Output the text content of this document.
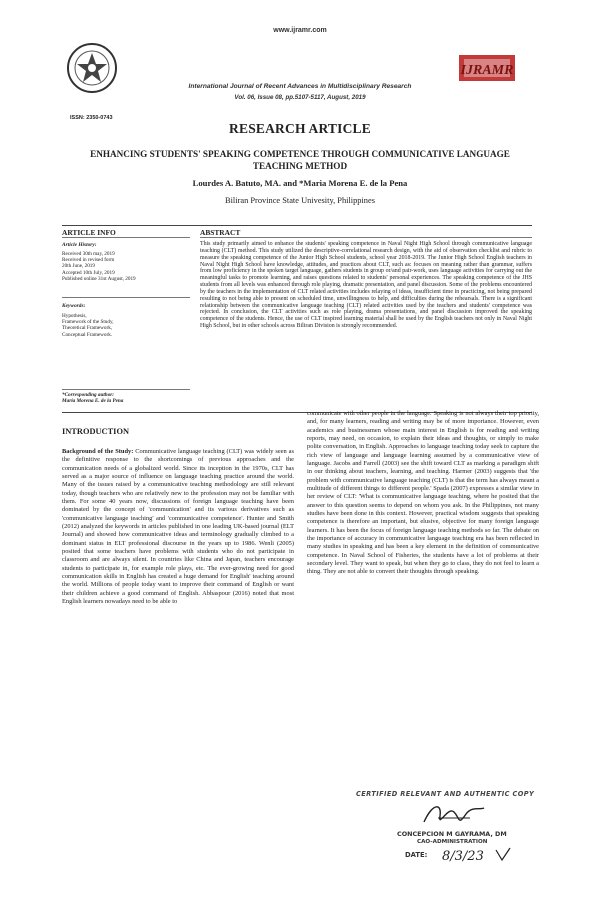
www.ijramr.com
ISSN: 2350-0743
IJRAMR
International Journal of Recent Advances in Multidisciplinary Research
Vol. 06, Issue 08, pp.5107-5117, August, 2019
RESEARCH ARTICLE
ENHANCING STUDENTS' SPEAKING COMPETENCE THROUGH COMMUNICATIVE LANGUAGE
TEACHING METHOD
Lourdes A. Batuto, MA. and *Maria Morena E. de la Pena
Biliran Province State Univesity, Philippines
ARTICLE INFO	ABSTRACT
Article History:
Received 30th may, 2019
Received in revised form
20th June, 2019
Accepted 10th July, 2019
Published online 31st August, 2019
Keywords:
Hypothesis,
Framework of the Study,
Theoretical Framework,
Conceptual Framework.
*Corresponding author:
Maria Morena E. de la Pena
This study primarily aimed to enhance the students' speaking competence in Naval Night High School through communicative language teaching (CLT) method. This study utilized the descriptive-correlational research design, with the aid of observation checklist and rubric to measure the speaking competence of the Junior High School students, school year 2018-2019. The Junior High School English teachers in Naval Night High School have knowledge, attitudes, and practices about CLT, such as: focuses on meaning rather than grammar, suffers from low proficiency in the spoken target language, gathers students in group or/and pair-work, uses language activities for carrying out the meaningful tasks to promote learning, and raises questions related to students' personal experiences. The speaking competence of the JHS students from all levels was enhanced through role playing, dramatic presentation, and panel discussion. Some of the problems encountered by the teachers in the implementation of CLT related activities includes relaying of ideas, insufficient time in practicing, not being prepared resulting to not being able to present on scheduled time, unwillingness to help, and difficulties during the rehearsals. There is a significant relationship between the communicative language teaching (CLT) related activities used by the teachers and students' competence was rejected. In conclusion, the CLT activities such as role playing, drama presentations, and panel discussion improved the speaking competence of the students. Hence, the use of CLT inspired learning material shall be used by the English teachers not only in Naval Night High School, but in other schools across Biliran Division is strongly recommended.
INTRODUCTION
Background of the Study: Communicative language teaching (CLT) was widely seen as the definitive response to the shortcomings of previous approaches and the communication needs of a globalized world. Since its inception in the 1970s, CLT has served as a major source of influence on language teaching practice around the world. Many of the issues raised by a communicative teaching methodology are still relevant today, though teachers who are relatively new to the profession may not be familiar with them. For some 40 years now, discussions of foreign language teaching have been dominated by the concept of 'communication' and its various derivatives such as 'communicative language teaching' and 'communicative competence'. Hunter and Smith (2012) analyzed the keywords in articles published in one leading UK-based journal (ELT Journal) and showed how communicative ideas and terminology gradually climbed to a dominant status in ELT professional discourse in the years up to 1986. Wenli (2005) posited that some teachers have problems with students who do not participate in classroom and are always silent. In countries like China and Japan, teachers encourage students to participate in, for example role plays, etc. The ever-growing need for good communication skills in English has created a huge demand for English' teaching around the world. Millions of people today want to improve their command of English or want their children achieve a good command of English. Abbaspour (2016) noted that most English learners nowadays need to be able to
communicate with other people in the language. Speaking is not always their top priority, and, for many learners, reading and writing may be of more importance. However, even academics and businessmen whose main interest in English is for reading and writing reports, may need, on occasion, to explain their ideas and thoughts, or simply to make polite conversation, in English. Approaches to language teaching today seek to capture the rich view of language and language learning assumed by a communicative view of language. Jacobs and Farrell (2003) see the shift toward CLT as marking a paradigm shift in our thinking about teachers, learning, and teaching. Harmer (2003) suggests that 'the problem with communicative language teaching (CLT) is that the term has always meant a multitude of different things to different people.' Spada (2007) expresses a similar view in her review of CLT: 'What is communicative language teaching, where he posited that the answer to this question seems to depend on whom you ask. In the Philippines, not many studies have been done in this context. However, practical wisdom suggests that speaking competence is therefore an important, but elusive, objective for many foreign language learners. It has been the focus of foreign language teaching methods so far. The debate on the importance of accuracy in communicative language teaching era has been reflected in many studies in speaking and has been a key element in the definition of communicative competence. In Naval School of Fisheries, the students have a lot of problems at their secondary level. They want to speak, but when they go to class, they do not feel to learn a thing. They are not able to convert their thoughts through speaking.
CERTIFIED RELEVANT AND AUTHENTIC COPY
CONCEPCION M GAYRAMA, DM
CAO-ADMINISTRATION
DATE: 8/3/23
